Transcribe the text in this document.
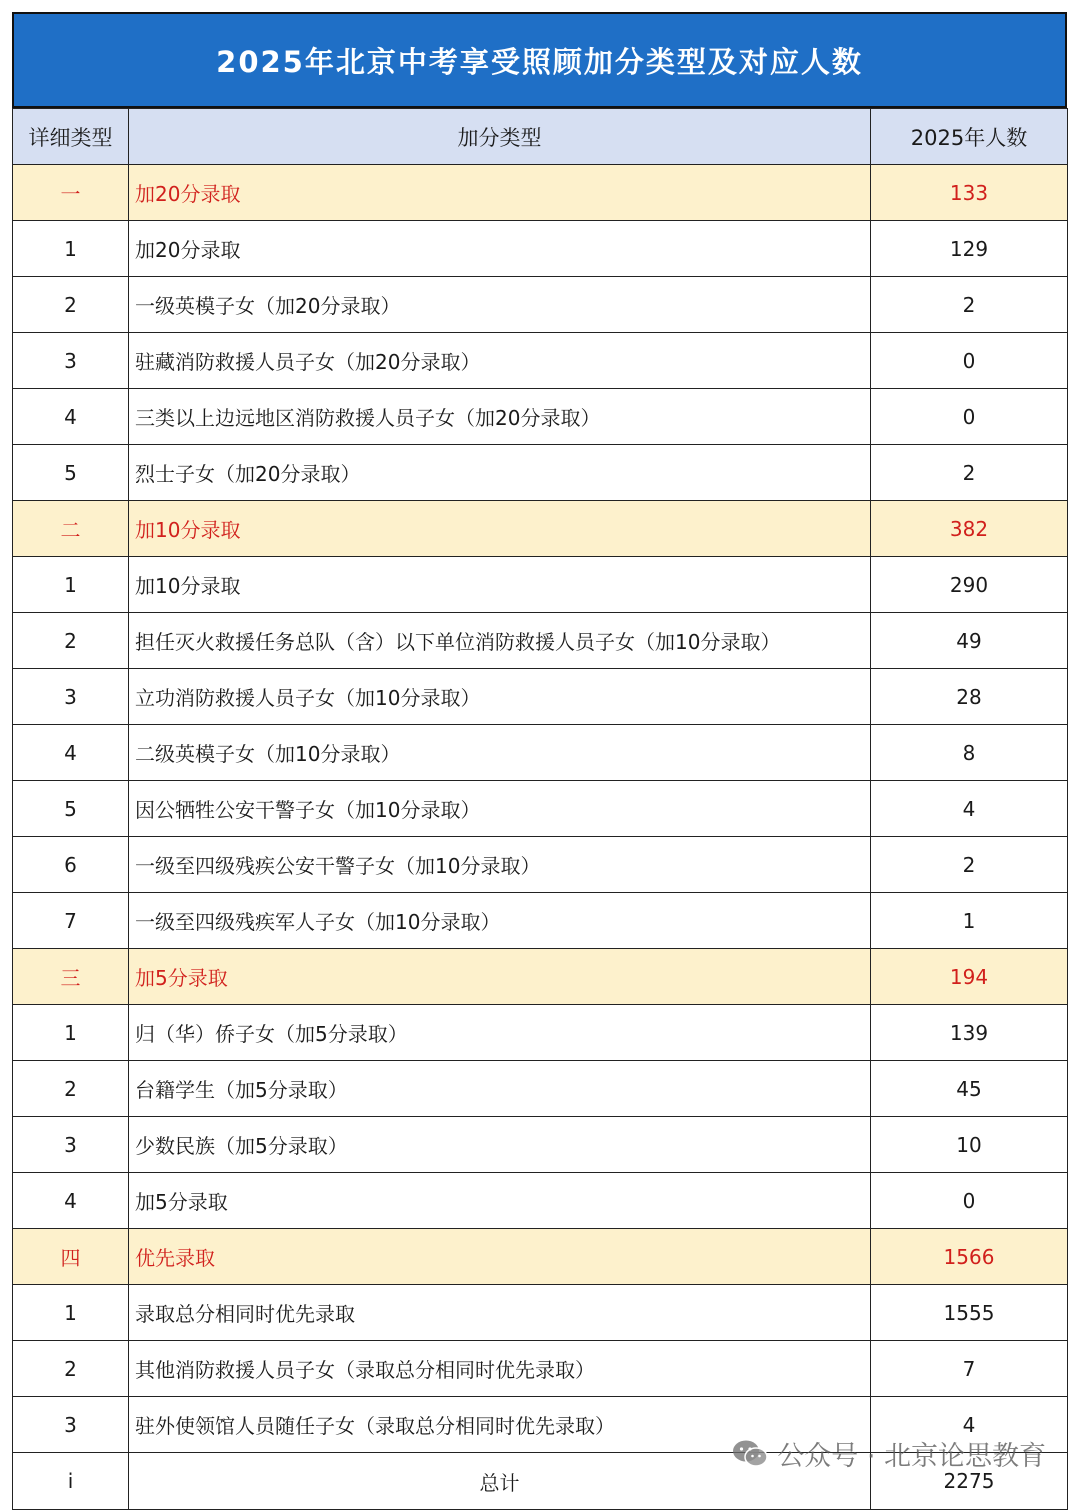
2025年北京中考享受照顾加分类型及对应人数
详细类型	加分类型	2025年人数
一	加20分录取	133
1	加20分录取	129
2	一级英模子女（加20分录取）	2
3	驻藏消防救援人员子女（加20分录取）	0
4	三类以上边远地区消防救援人员子女（加20分录取）	0
5	烈士子女（加20分录取）	2
二	加10分录取	382
1	加10分录取	290
2	担任灭火救援任务总队（含）以下单位消防救援人员子女（加10分录取）	49
3	立功消防救援人员子女（加10分录取）	28
4	二级英模子女（加10分录取）	8
5	因公牺牲公安干警子女（加10分录取）	4
6	一级至四级残疾公安干警子女（加10分录取）	2
7	一级至四级残疾军人子女（加10分录取）	1
三	加5分录取	194
1	归（华）侨子女（加5分录取）	139
2	台籍学生（加5分录取）	45
3	少数民族（加5分录取）	10
4	加5分录取	0
四	优先录取	1566
1	录取总分相同时优先录取	1555
2	其他消防救援人员子女（录取总分相同时优先录取）	7
3	驻外使领馆人员随任子女（录取总分相同时优先录取）	4
i	总计	2275
公众号 · 北京论思教育
